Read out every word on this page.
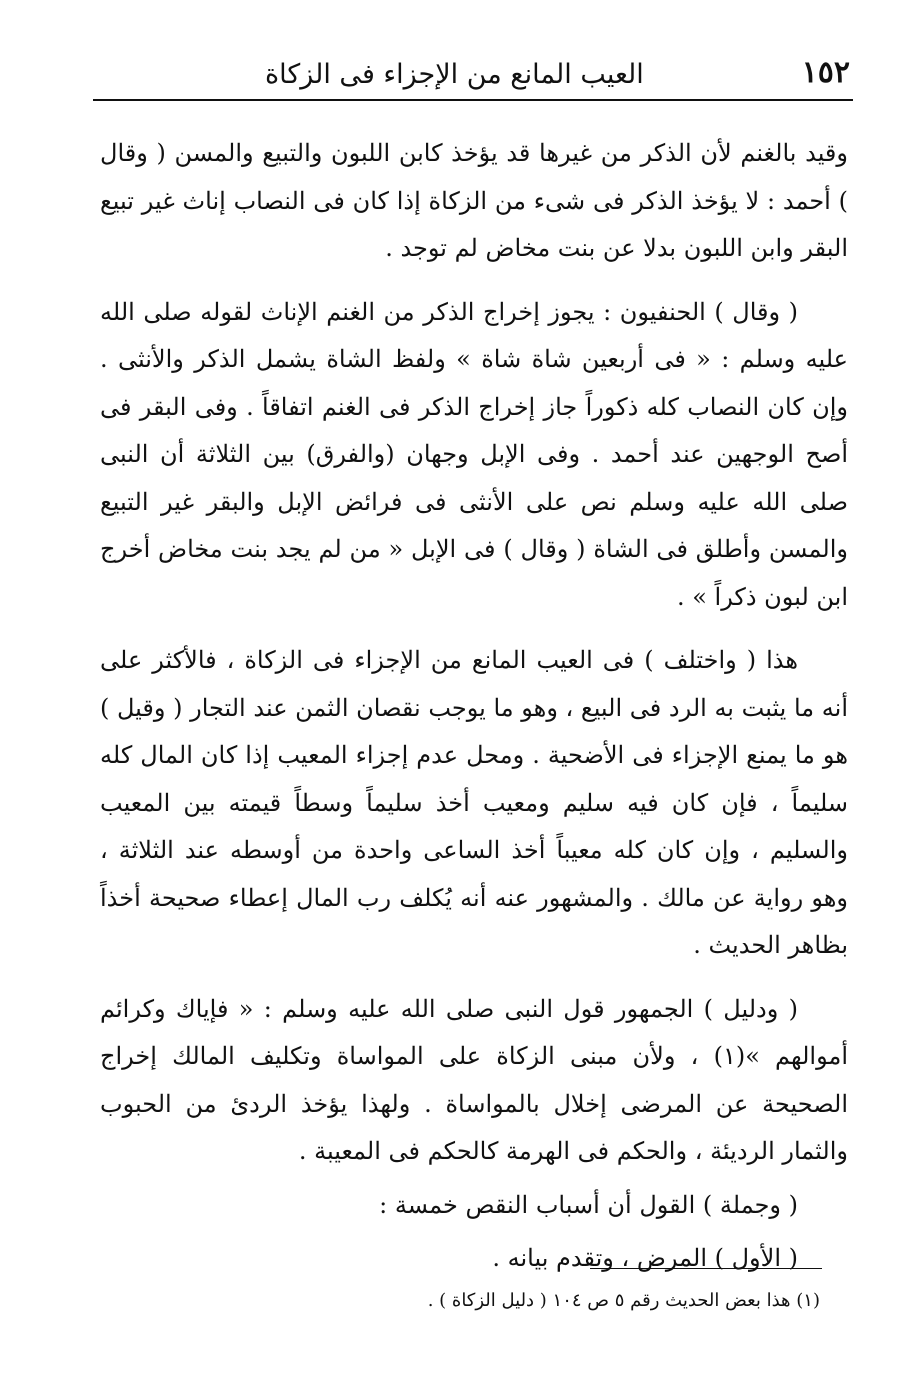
١٥٢
العيب المانع من الإجزاء فى الزكاة

وقيد بالغنم لأن الذكر من غيرها قد يؤخذ كابن اللبون والتبيع والمسن ( وقال ) أحمد : لا يؤخذ الذكر فى شىء من الزكاة إذا كان فى النصاب إناث غير تبيع البقر وابن اللبون بدلا عن بنت مخاض لم توجد .

( وقال ) الحنفيون : يجوز إخراج الذكر من الغنم الإناث لقوله صلى الله عليه وسلم : « فى أربعين شاة شاة » ولفظ الشاة يشمل الذكر والأنثى . وإن كان النصاب كله ذكوراً جاز إخراج الذكر فى الغنم اتفاقاً . وفى البقر فى أصح الوجهين عند أحمد . وفى الإبل وجهان (والفرق) بين الثلاثة أن النبى صلى الله عليه وسلم نص على الأنثى فى فرائض الإبل والبقر غير التبيع والمسن وأطلق فى الشاة ( وقال ) فى الإبل « من لم يجد بنت مخاض أخرج ابن لبون ذكراً » .

هذا ( واختلف ) فى العيب المانع من الإجزاء فى الزكاة ، فالأكثر على أنه ما يثبت به الرد فى البيع ، وهو ما يوجب نقصان الثمن عند التجار ( وقيل ) هو ما يمنع الإجزاء فى الأضحية . ومحل عدم إجزاء المعيب إذا كان المال كله سليماً ، فإن كان فيه سليم ومعيب أخذ سليماً وسطاً قيمته بين المعيب والسليم ، وإن كان كله معيباً أخذ الساعى واحدة من أوسطه عند الثلاثة ، وهو رواية عن مالك . والمشهور عنه أنه يُكلف رب المال إعطاء صحيحة أخذاً بظاهر الحديث .

( ودليل ) الجمهور قول النبى صلى الله عليه وسلم : « فإياك وكرائم أموالهم »(١) ، ولأن مبنى الزكاة على المواساة وتكليف المالك إخراج الصحيحة عن المرضى إخلال بالمواساة . ولهذا يؤخذ الردئ من الحبوب والثمار الرديئة ، والحكم فى الهرمة كالحكم فى المعيبة .

( وجملة ) القول أن أسباب النقص خمسة :

( الأول ) المرض ، وتقدم بيانه .

(١) هذا بعض الحديث رقم ٥ ص ١٠٤ ( دليل الزكاة ) .
